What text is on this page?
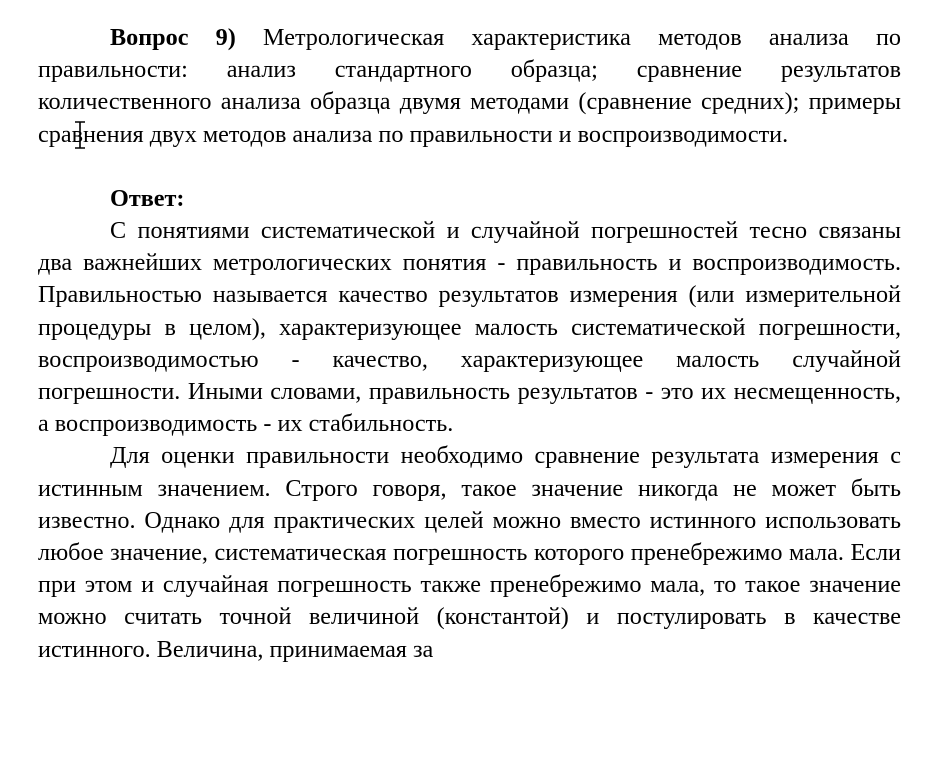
Вопрос 9) Метрологическая характеристика методов анализа по правильности: анализ стандартного образца; сравнение результатов количественного анализа образца двумя методами (сравнение средних); примеры сравнения двух методов анализа по правильности и воспроизводимости.

Ответ:

С понятиями систематической и случайной погрешностей тесно связаны два важнейших метрологических понятия - правильность и воспроизводимость. Правильностью называется качество результатов измерения (или измерительной процедуры в целом), характеризующее малость систематической погрешности, воспроизводимостью - качество, характеризующее малость случайной погрешности. Иными словами, правильность результатов - это их несмещенность, а воспроизводимость - их стабильность.

Для оценки правильности необходимо сравнение результата измерения с истинным значением. Строго говоря, такое значение никогда не может быть известно. Однако для практических целей можно вместо истинного использовать любое значение, систематическая погрешность которого пренебрежимо мала. Если при этом и случайная погрешность также пренебрежимо мала, то такое значение можно считать точной величиной (константой) и постулировать в качестве истинного. Величина, принимаемая за
